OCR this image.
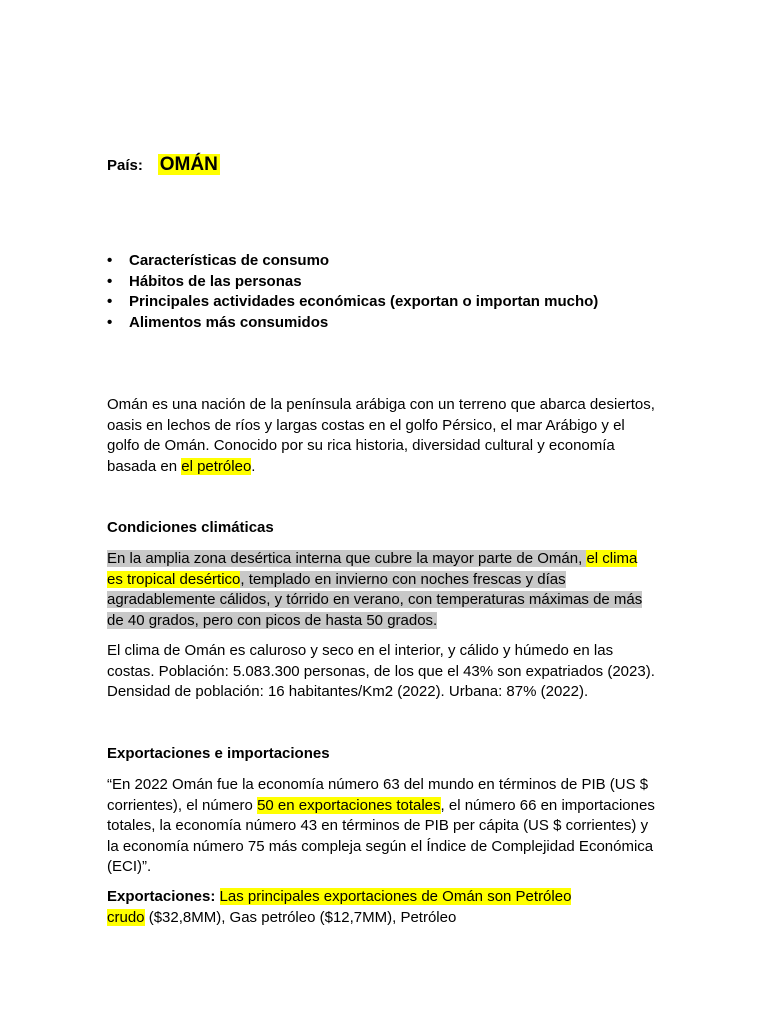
País: OMÁN
• Características de consumo
• Hábitos de las personas
• Principales actividades económicas (exportan o importan mucho)
• Alimentos más consumidos
Omán es una nación de la península arábiga con un terreno que abarca desiertos,
oasis en lechos de ríos y largas costas en el golfo Pérsico, el mar Arábigo y el
golfo de Omán. Conocido por su rica historia, diversidad cultural y economía
basada en el petróleo.
Condiciones climáticas
En la amplia zona desértica interna que cubre la mayor parte de Omán, el clima
es tropical desértico, templado en invierno con noches frescas y días
agradablemente cálidos, y tórrido en verano, con temperaturas máximas de más
de 40 grados, pero con picos de hasta 50 grados.
El clima de Omán es caluroso y seco en el interior, y cálido y húmedo en las
costas. Población: 5.083.300 personas, de los que el 43% son expatriados (2023).
Densidad de población: 16 habitantes/Km2 (2022). Urbana: 87% (2022).
Exportaciones e importaciones
“En 2022 Omán fue la economía número 63 del mundo en términos de PIB (US $
corrientes), el número 50 en exportaciones totales, el número 66 en importaciones
totales, la economía número 43 en términos de PIB per cápita (US $ corrientes) y
la economía número 75 más compleja según el Índice de Complejidad Económica
(ECI)”.
Exportaciones: Las principales exportaciones de Omán son Petróleo
crudo ($32,8MM), Gas petróleo ($12,7MM), Petróleo
